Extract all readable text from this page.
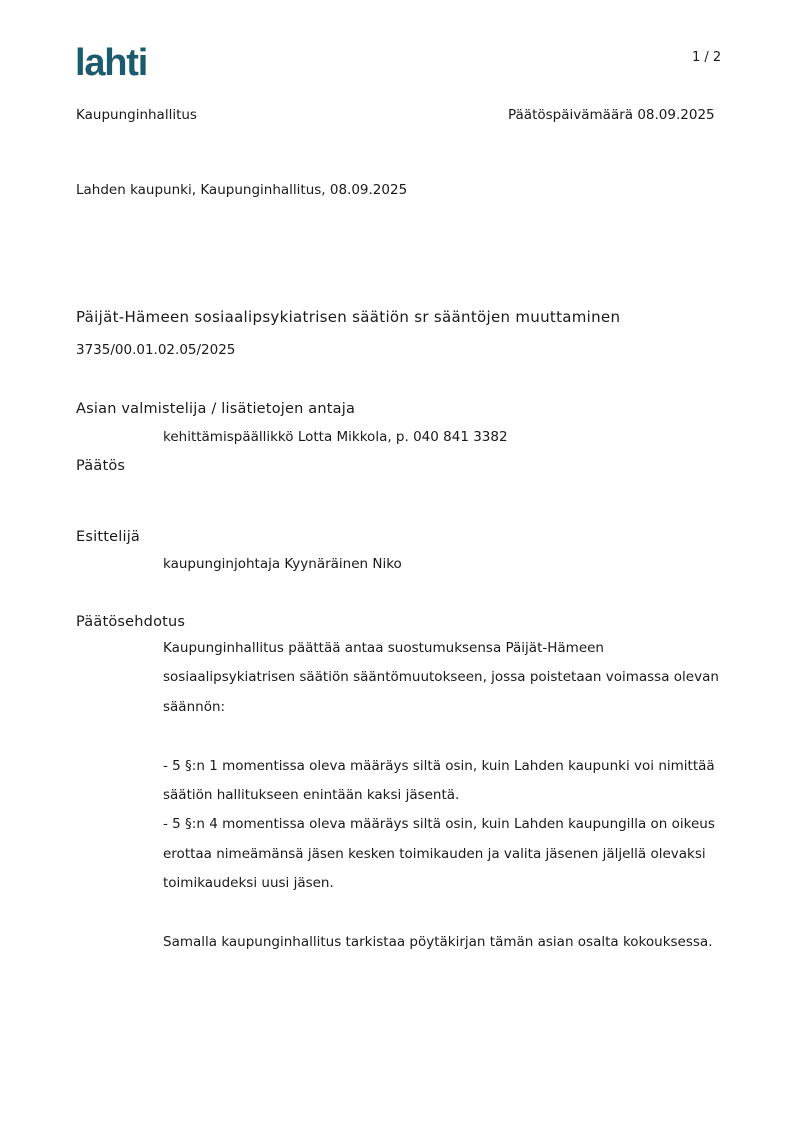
lahti	1 / 2
Kaupunginhallitus	Päätöspäivämäärä 08.09.2025
Lahden kaupunki, Kaupunginhallitus, 08.09.2025
Päijät-Hämeen sosiaalipsykiatrisen säätiön sr sääntöjen muuttaminen
3735/00.01.02.05/2025
Asian valmistelija / lisätietojen antaja
kehittämispäällikkö Lotta Mikkola, p. 040 841 3382
Päätös
Esittelijä
kaupunginjohtaja Kyynäräinen Niko
Päätösehdotus
Kaupunginhallitus päättää antaa suostumuksensa Päijät-Hämeen
sosiaalipsykiatrisen säätiön sääntömuutokseen, jossa poistetaan voimassa olevan
säännön:
- 5 §:n 1 momentissa oleva määräys siltä osin, kuin Lahden kaupunki voi nimittää
säätiön hallitukseen enintään kaksi jäsentä.
- 5 §:n 4 momentissa oleva määräys siltä osin, kuin Lahden kaupungilla on oikeus
erottaa nimeämänsä jäsen kesken toimikauden ja valita jäsenen jäljellä olevaksi
toimikaudeksi uusi jäsen.
Samalla kaupunginhallitus tarkistaa pöytäkirjan tämän asian osalta kokouksessa.
